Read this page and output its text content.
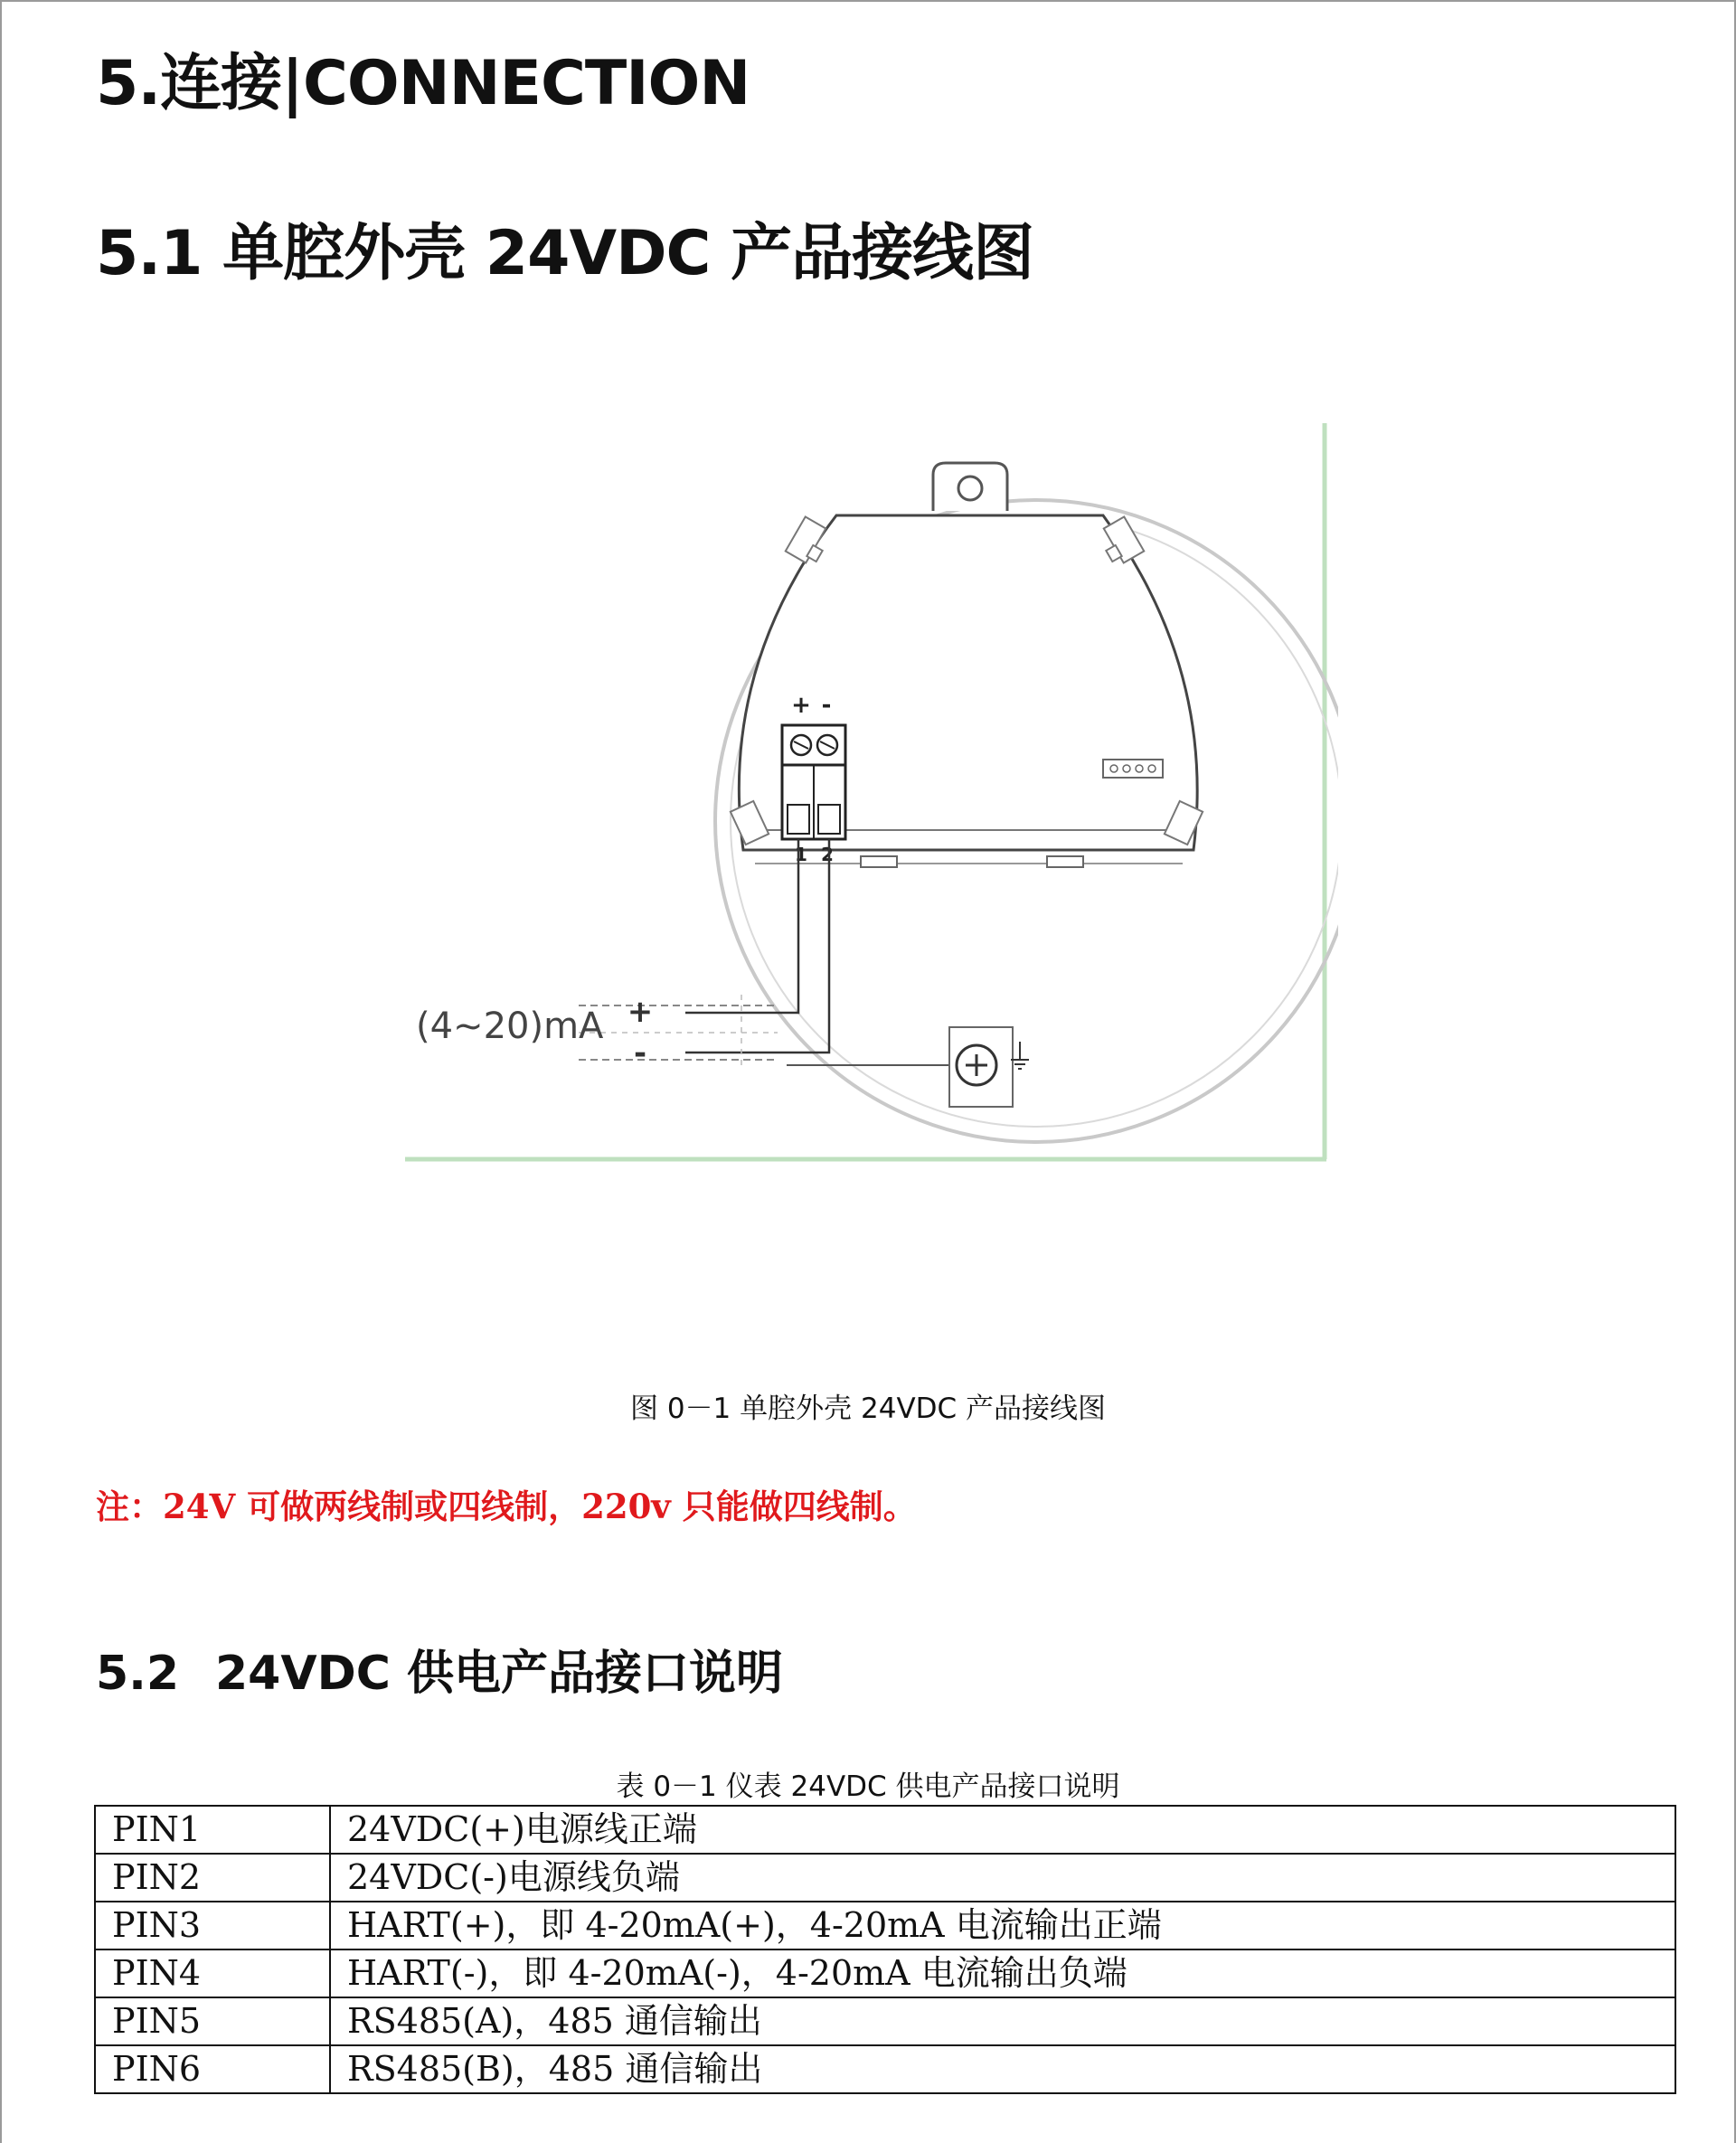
5.连接|CONNECTION
5.1 单腔外壳 24VDC 产品接线图
+ -
1 2
(4~20)mA +
-
图 0－1 单腔外壳 24VDC 产品接线图
注：24V 可做两线制或四线制，220v 只能做四线制。
5.2 24VDC 供电产品接口说明
表 0－1 仪表 24VDC 供电产品接口说明
PIN1	24VDC(+)电源线正端
PIN2	24VDC(-)电源线负端
PIN3	HART(+)，即 4-20mA(+)，4-20mA 电流输出正端
PIN4	HART(-)，即 4-20mA(-)，4-20mA 电流输出负端
PIN5	RS485(A)，485 通信输出
PIN6	RS485(B)，485 通信输出
